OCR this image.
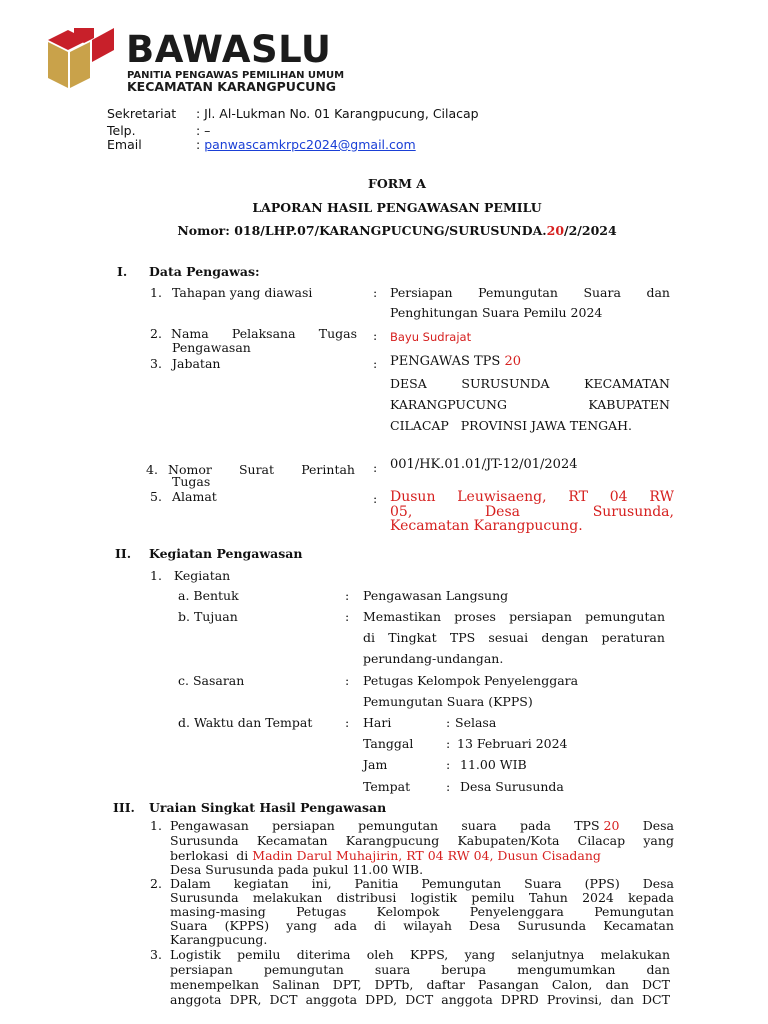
BAWASLU
PANITIA PENGAWAS PEMILIHAN UMUM
KECAMATAN KARANGPUCUNG
Sekretariat : Jl. Al-Lukman No. 01 Karangpucung, Cilacap
Telp.	: –
Email	: panwascamkrpc2024@gmail.com
FORM A
LAPORAN HASIL PENGAWASAN PEMILU
Nomor: 018/LHP.07/KARANGPUCUNG/SURUSUNDA.20/2/2024
I. Data Pengawas:
1. Tahapan yang diawasi	: Persiapan Pemungutan Suara dan
Penghitungan Suara Pemilu 2024
2. Nama Pelaksana Tugas
Pengawasan
: Bayu Sudrajat
3. Jabatan	: PENGAWAS TPS 20
DESA	SURUSUNDA	KECAMATAN
KARANGPUCUNG	KABUPATEN
CILACAP   PROVINSI JAWA TENGAH.
4. Nomor Surat Perintah
Tugas
: 001/HK.01.01/JT-12/01/2024
5. Alamat	: Dusun Leuwisaeng, RT 04 RW
05,	Desa	Surusunda,
Kecamatan Karangpucung.
II. Kegiatan Pengawasan
1.   Kegiatan
a. Bentuk	: Pengawasan Langsung
b. Tujuan	: Memastikan proses persiapan pemungutan
di Tingkat TPS sesuai dengan peraturan
perundang-undangan.
c. Sasaran	: Petugas Kelompok Penyelenggara
Pemungutan Suara (KPPS)
d. Waktu dan Tempat	: Hari	: Selasa
Tanggal	: 13 Februari 2024
Jam	: 11.00 WIB
Tempat	: Desa Surusunda
III. Uraian Singkat Hasil Pengawasan
1. Pengawasan persiapan pemungutan suara pada TPS 20 Desa
Surusunda Kecamatan Karangpucung Kabupaten/Kota Cilacap yang
berlokasi  di Madin Darul Muhajirin, RT 04 RW 04, Dusun Cisadang
Desa Surusunda pada pukul 11.00 WIB.
2. Dalam kegiatan ini, Panitia Pemungutan Suara (PPS) Desa
Surusunda melakukan distribusi logistik pemilu Tahun 2024 kepada
masing-masing Petugas Kelompok Penyelenggara Pemungutan
Suara (KPPS) yang ada di wilayah Desa Surusunda Kecamatan
Karangpucung.
3. Logistik pemilu diterima oleh KPPS, yang selanjutnya melakukan
persiapan pemungutan suara berupa mengumumkan dan
menempelkan Salinan DPT, DPTb, daftar Pasangan Calon, dan DCT
anggota DPR, DCT anggota DPD, DCT anggota DPRD Provinsi, dan DCT
